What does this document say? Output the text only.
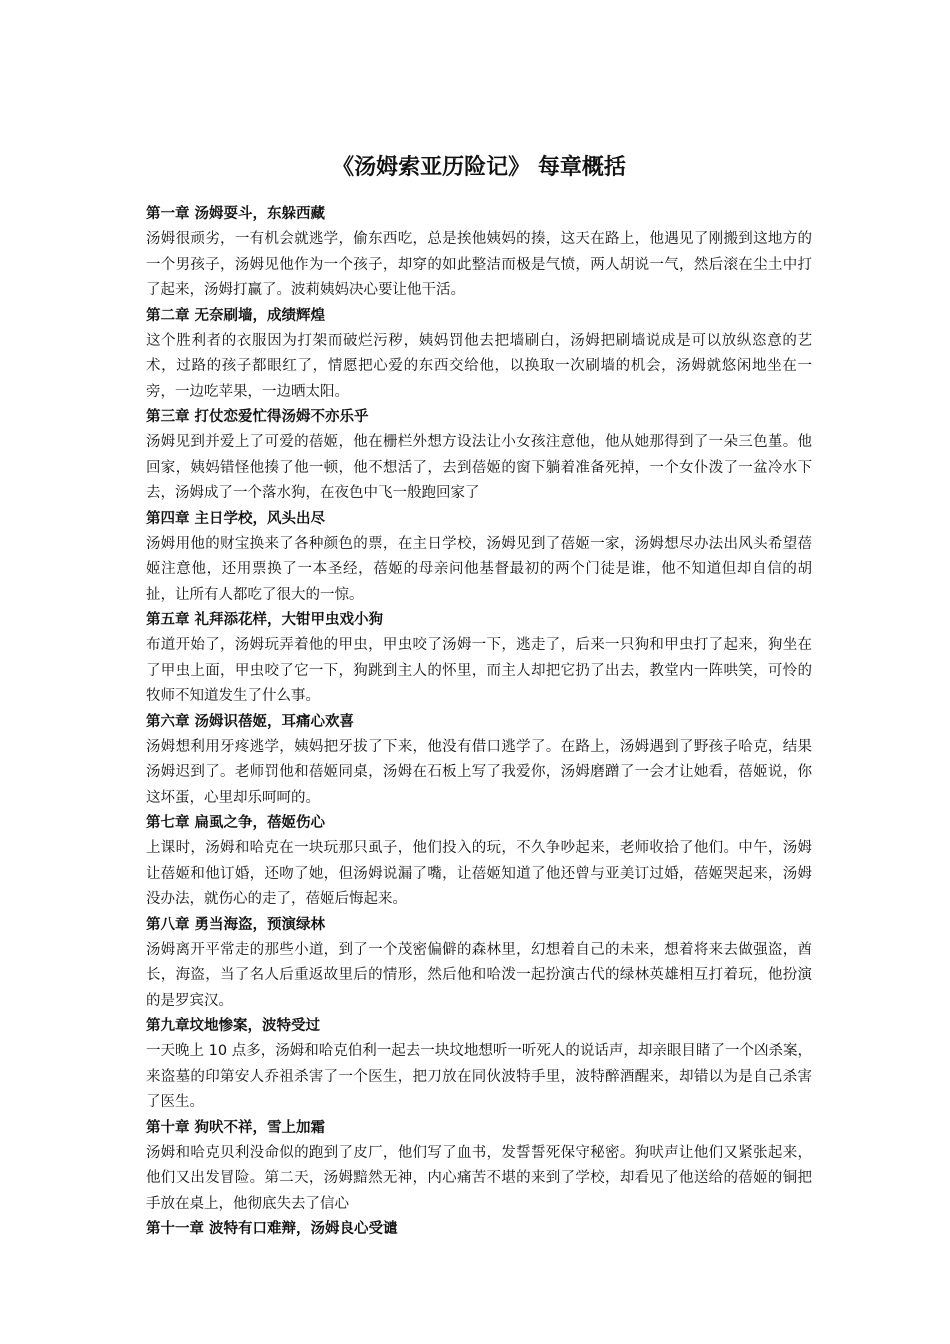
《汤姆索亚历险记》 每章概括
第一章 汤姆耍斗，东躲西藏
汤姆很顽劣，一有机会就逃学，偷东西吃，总是挨他姨妈的揍，这天在路上，他遇见了刚搬到这地方的一个男孩子，汤姆见他作为一个孩子，却穿的如此整洁而极是气愤，两人胡说一气，然后滚在尘土中打了起来，汤姆打赢了。波莉姨妈决心要让他干活。
第二章 无奈刷墙，成绩辉煌
这个胜利者的衣服因为打架而破烂污秽，姨妈罚他去把墙刷白，汤姆把刷墙说成是可以放纵恣意的艺术，过路的孩子都眼红了，情愿把心爱的东西交给他，以换取一次刷墙的机会，汤姆就悠闲地坐在一旁，一边吃苹果，一边晒太阳。
第三章 打仗恋爱忙得汤姆不亦乐乎
汤姆见到并爱上了可爱的蓓姬，他在栅栏外想方设法让小女孩注意他，他从她那得到了一朵三色堇。他回家，姨妈错怪他揍了他一顿，他不想活了，去到蓓姬的窗下躺着准备死掉，一个女仆泼了一盆冷水下去，汤姆成了一个落水狗，在夜色中飞一般跑回家了
第四章 主日学校，风头出尽
汤姆用他的财宝换来了各种颜色的票，在主日学校，汤姆见到了蓓姬一家，汤姆想尽办法出风头希望蓓姬注意他，还用票换了一本圣经，蓓姬的母亲问他基督最初的两个门徒是谁，他不知道但却自信的胡扯，让所有人都吃了很大的一惊。
第五章 礼拜添花样，大钳甲虫戏小狗
布道开始了，汤姆玩弄着他的甲虫，甲虫咬了汤姆一下，逃走了，后来一只狗和甲虫打了起来，狗坐在了甲虫上面，甲虫咬了它一下，狗跳到主人的怀里，而主人却把它扔了出去，教堂内一阵哄笑，可怜的牧师不知道发生了什么事。
第六章 汤姆识蓓姬，耳痛心欢喜
汤姆想利用牙疼逃学，姨妈把牙拔了下来，他没有借口逃学了。在路上，汤姆遇到了野孩子哈克，结果汤姆迟到了。老师罚他和蓓姬同桌，汤姆在石板上写了我爱你，汤姆磨蹭了一会才让她看，蓓姬说，你这坏蛋，心里却乐呵呵的。
第七章 扁虱之争，蓓姬伤心
上课时，汤姆和哈克在一块玩那只虱子，他们投入的玩，不久争吵起来，老师收拾了他们。中午，汤姆让蓓姬和他订婚，还吻了她，但汤姆说漏了嘴，让蓓姬知道了他还曾与亚美订过婚，蓓姬哭起来，汤姆没办法，就伤心的走了，蓓姬后悔起来。
第八章 勇当海盗，预演绿林
汤姆离开平常走的那些小道，到了一个茂密偏僻的森林里，幻想着自己的未来，想着将来去做强盗，酋长，海盗，当了名人后重返故里后的情形，然后他和哈泼一起扮演古代的绿林英雄相互打着玩，他扮演的是罗宾汉。
第九章坟地惨案，波特受过
一天晚上 10 点多，汤姆和哈克伯利一起去一块坟地想听一听死人的说话声，却亲眼目睹了一个凶杀案，来盗墓的印第安人乔祖杀害了一个医生，把刀放在同伙波特手里，波特醉酒醒来，却错以为是自己杀害了医生。
第十章 狗吠不祥，雪上加霜
汤姆和哈克贝利没命似的跑到了皮厂，他们写了血书，发誓誓死保守秘密。狗吠声让他们又紧张起来，他们又出发冒险。第二天，汤姆黯然无神，内心痛苦不堪的来到了学校，却看见了他送给的蓓姬的铜把手放在桌上，他彻底失去了信心
第十一章 波特有口难辩，汤姆良心受谴
